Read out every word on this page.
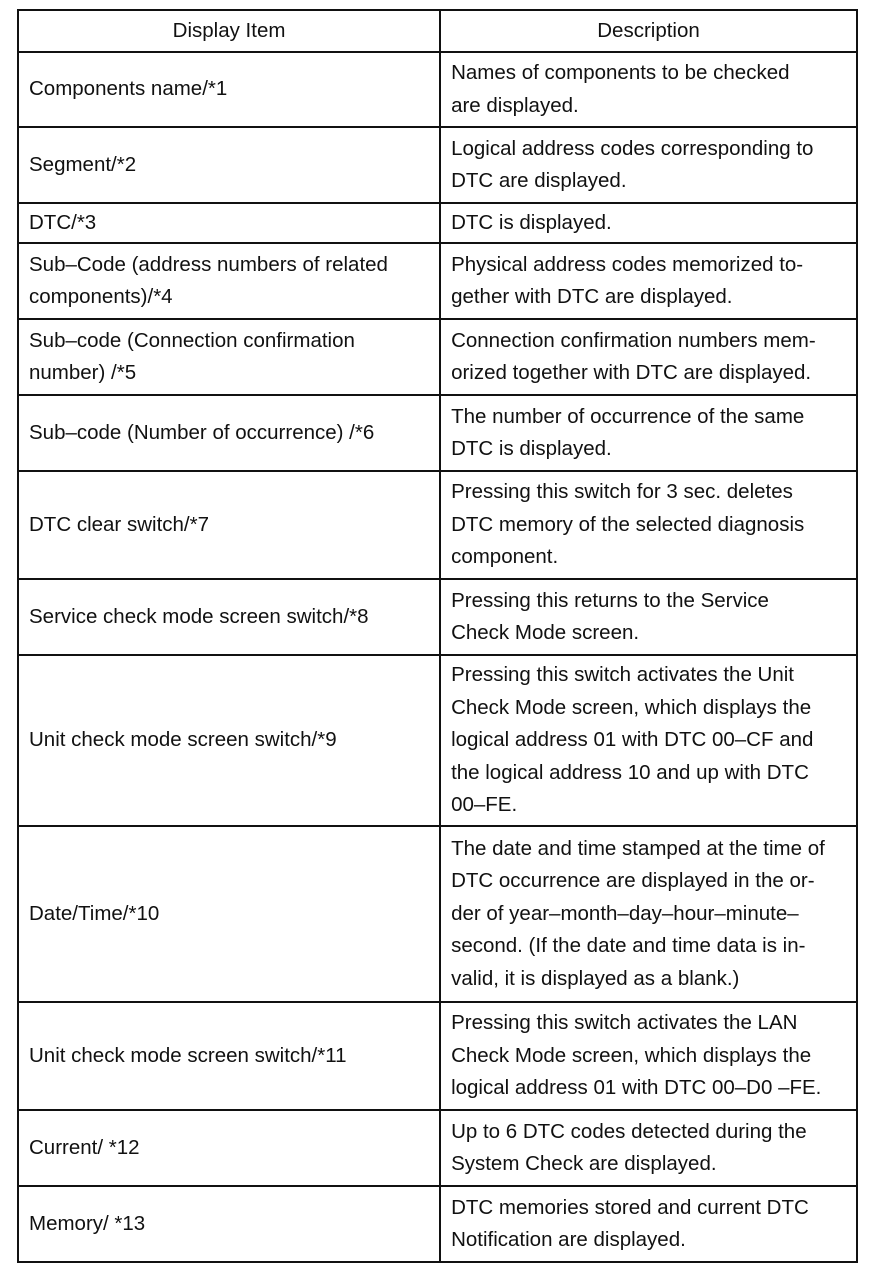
Display Item	Description
Components name/*1	Names of components to be checked
are displayed.
Segment/*2	Logical address codes corresponding to
DTC are displayed.
DTC/*3	DTC is displayed.
Sub–Code (address numbers of related
components)/*4	Physical address codes memorized to-
gether with DTC are displayed.
Sub–code (Connection confirmation
number) /*5	Connection confirmation numbers mem-
orized together with DTC are displayed.
Sub–code (Number of occurrence) /*6	The number of occurrence of the same
DTC is displayed.
DTC clear switch/*7	Pressing this switch for 3 sec. deletes
DTC memory of the selected diagnosis
component.
Service check mode screen switch/*8	Pressing this returns to the Service
Check Mode screen.
Unit check mode screen switch/*9	Pressing this switch activates the Unit
Check Mode screen, which displays the
logical address 01 with DTC 00–CF and
the logical address 10 and up with DTC
00–FE.
Date/Time/*10	The date and time stamped at the time of
DTC occurrence are displayed in the or-
der of year–month–day–hour–minute–
second. (If the date and time data is in-
valid, it is displayed as a blank.)
Unit check mode screen switch/*11	Pressing this switch activates the LAN
Check Mode screen, which displays the
logical address 01 with DTC 00–D0 –FE.
Current/ *12	Up to 6 DTC codes detected during the
System Check are displayed.
Memory/ *13	DTC memories stored and current DTC
Notification are displayed.
